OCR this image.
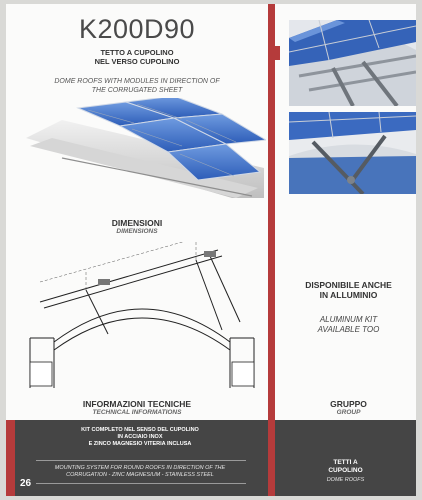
K200D90
TETTO A CUPOLINO
NEL VERSO CUPOLINO
DOME ROOFS WITH MODULES IN DIRECTION OF
THE CORRUGATED SHEET
DIMENSIONI
DIMENSIONS
INFORMAZIONI TECNICHE
TECHNICAL INFORMATIONS
KIT COMPLETO NEL SENSO DEL CUPOLINO
IN ACCIAIO INOX
E ZINCO MAGNESIO VITERIA INCLUSA
MOUNTING SYSTEM FOR ROUND ROOFS IN DIRECTION OF THE
CORRUGATION - ZINC MAGNESIUM - STAINLESS STEEL
26
DISPONIBILE ANCHE
IN ALLUMINIO
ALUMINUM KIT
AVAILABLE TOO
GRUPPO
GROUP
TETTI A
CUPOLINO
DOME ROOFS
